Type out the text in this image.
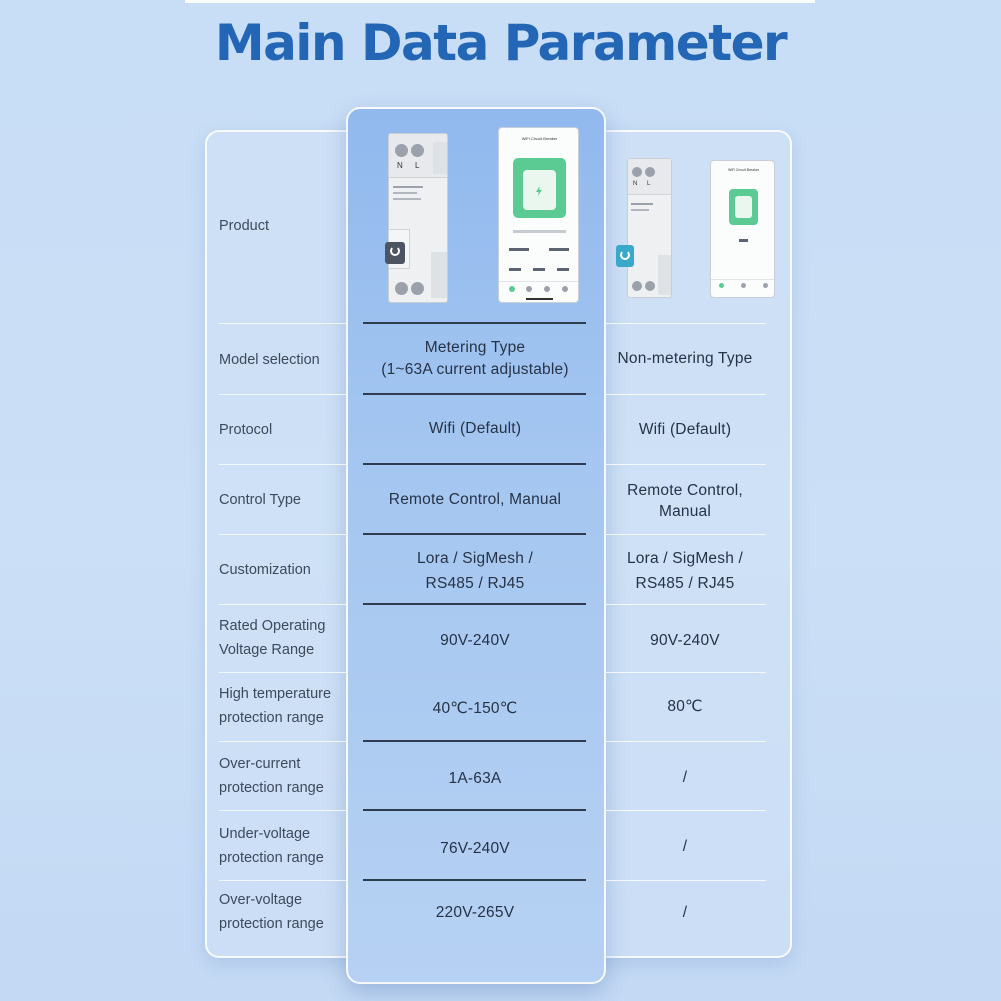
Main Data Parameter
N L
WiFi Circuit Breaker
N L
WiFi Circuit Breaker
Product
Model selection
Protocol
Control Type
Customization
Rated Operating
Voltage Range
High temperature
protection range
Over-current
protection range
Under-voltage
protection range
Over-voltage
protection range
Metering Type
(1~63A current adjustable)
Wifi (Default)
Remote Control, Manual
Lora / SigMesh /
RS485 / RJ45
90V-240V
40℃-150℃
1A-63A
76V-240V
220V-265V
Non-metering Type
Wifi (Default)
Remote Control,
Manual
Lora / SigMesh /
RS485 / RJ45
90V-240V
80℃
/
/
/
